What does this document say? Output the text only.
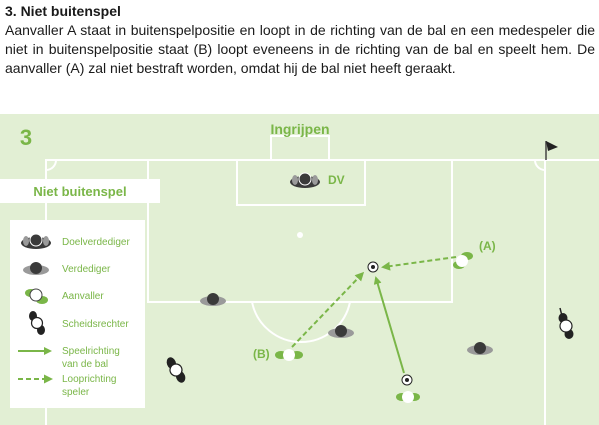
3. Niet buitenspel

Aanvaller A staat in buitenspelpositie en loopt in de richting van de bal en een medespeler die niet in buitenspelpositie staat (B) loopt eveneens in de richting van de bal en speelt hem. De aanvaller (A) zal niet bestraft worden, omdat hij de bal niet heeft geraakt.

3	Ingrijpen
Niet buitenspel
Doelverdediger
Verdediger
Aanvaller
Scheidsrechter
Speelrichting
van de bal
Looprichting
speler
DV
(B)
(A)
